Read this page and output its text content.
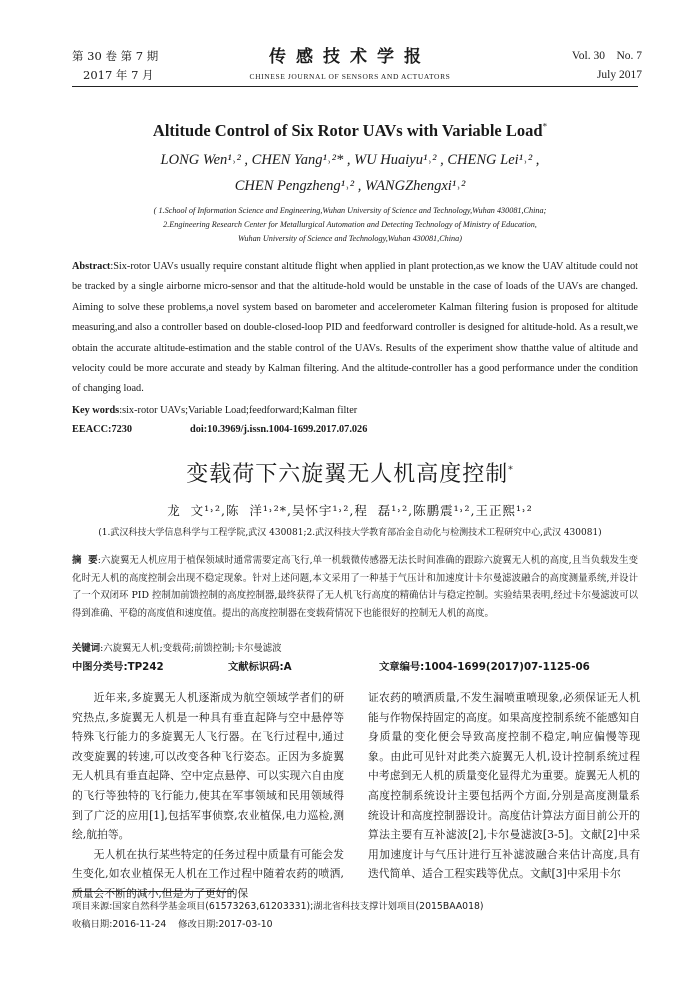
第 30 卷 第 7 期
2017 年 7 月
传感技术学报
CHINESE JOURNAL OF SENSORS AND ACTUATORS
Vol. 30    No. 7
July 2017
Altitude Control of Six Rotor UAVs with Variable Load*
LONG Wen¹˒² , CHEN Yang¹˒²* , WU Huaiyu¹˒² , CHENG Lei¹˒² ,
CHEN Pengzheng¹˒² , WANGZhengxi¹˒²
( 1.School of Information Science and Engineering,Wuhan University of Science and Technology,Wuhan 430081,China;
2.Engineering Research Center for Metallurgical Automation and Detecting Technology of Ministry of Education,
Wuhan University of Science and Technology,Wuhan 430081,China)
Abstract:Six-rotor UAVs usually require constant altitude flight when applied in plant protection,as we know the UAV altitude could not be tracked by a single airborne micro-sensor and that the altitude-hold would be unstable in the case of loads of the UAVs are changed. Aiming to solve these problems,a novel system based on barometer and accelerometer Kalman filtering fusion is proposed for altitude measuring,and also a controller based on double-closed-loop PID and feedforward controller is designed for altitude-hold. As a result,we obtain the accurate altitude-estimation and the stable control of the UAVs. Results of the experiment show thatthe value of altitude and velocity could be more accurate and steady by Kalman filtering. And the altitude-controller has a good performance under the condition of changing load.
Key words:six-rotor UAVs;Variable Load;feedforward;Kalman filter
EEACC:7230	doi:10.3969/j.issn.1004-1699.2017.07.026
变载荷下六旋翼无人机高度控制*
龙  文¹˒²,陈  洋¹˒²*,吴怀宇¹˒²,程  磊¹˒²,陈鹏震¹˒²,王正熙¹˒²
(1.武汉科技大学信息科学与工程学院,武汉 430081;2.武汉科技大学教育部冶金自动化与检测技术工程研究中心,武汉 430081)
摘  要:六旋翼无人机应用于植保领域时通常需要定高飞行,单一机载微传感器无法长时间准确的跟踪六旋翼无人机的高度,且当负载发生变化时无人机的高度控制会出现不稳定现象。针对上述问题,本文采用了一种基于气压计和加速度计卡尔曼滤波融合的高度测量系统,并设计了一个双闭环 PID 控制加前馈控制的高度控制器,最终获得了无人机飞行高度的精确估计与稳定控制。实验结果表明,经过卡尔曼滤波可以得到准确、平稳的高度值和速度值。提出的高度控制器在变载荷情况下也能很好的控制无人机的高度。
关键词:六旋翼无人机;变载荷;前馈控制;卡尔曼滤波
中图分类号:TP242	文献标识码:A	文章编号:1004-1699(2017)07-1125-06

近年来,多旋翼无人机逐渐成为航空领域学者们的研究热点,多旋翼无人机是一种具有垂直起降与空中悬停等特殊飞行能力的多旋翼无人飞行器。在飞行过程中,通过改变旋翼的转速,可以改变各种飞行姿态。正因为多旋翼无人机具有垂直起降、空中定点悬停、可以实现六自由度的飞行等独特的飞行能力,使其在军事领域和民用领域得到了广泛的应用[1],包括军事侦察,农业植保,电力巡检,测绘,航拍等。

无人机在执行某些特定的任务过程中质量有可能会发生变化,如农业植保无人机在工作过程中随着农药的喷洒,质量会不断的减小,但是为了更好的保

证农药的喷洒质量,不发生漏喷重喷现象,必须保证无人机能与作物保持固定的高度。如果高度控制系统不能感知自身质量的变化便会导致高度控制不稳定,响应偏慢等现象。由此可见针对此类六旋翼无人机,设计控制系统过程中考虑到无人机的质量变化显得尤为重要。旋翼无人机的高度控制系统设计主要包括两个方面,分别是高度测量系统设计和高度控制器设计。高度估计算法方面目前公开的算法主要有互补滤波[2],卡尔曼滤波[3-5]。文献[2]中采用加速度计与气压计进行互补滤波融合来估计高度,具有迭代简单、适合工程实践等优点。文献[3]中采用卡尔

项目来源:国家自然科学基金项目(61573263,61203331);湖北省科技支撑计划项目(2015BAA018)
收稿日期:2016-11-24    修改日期:2017-03-10
